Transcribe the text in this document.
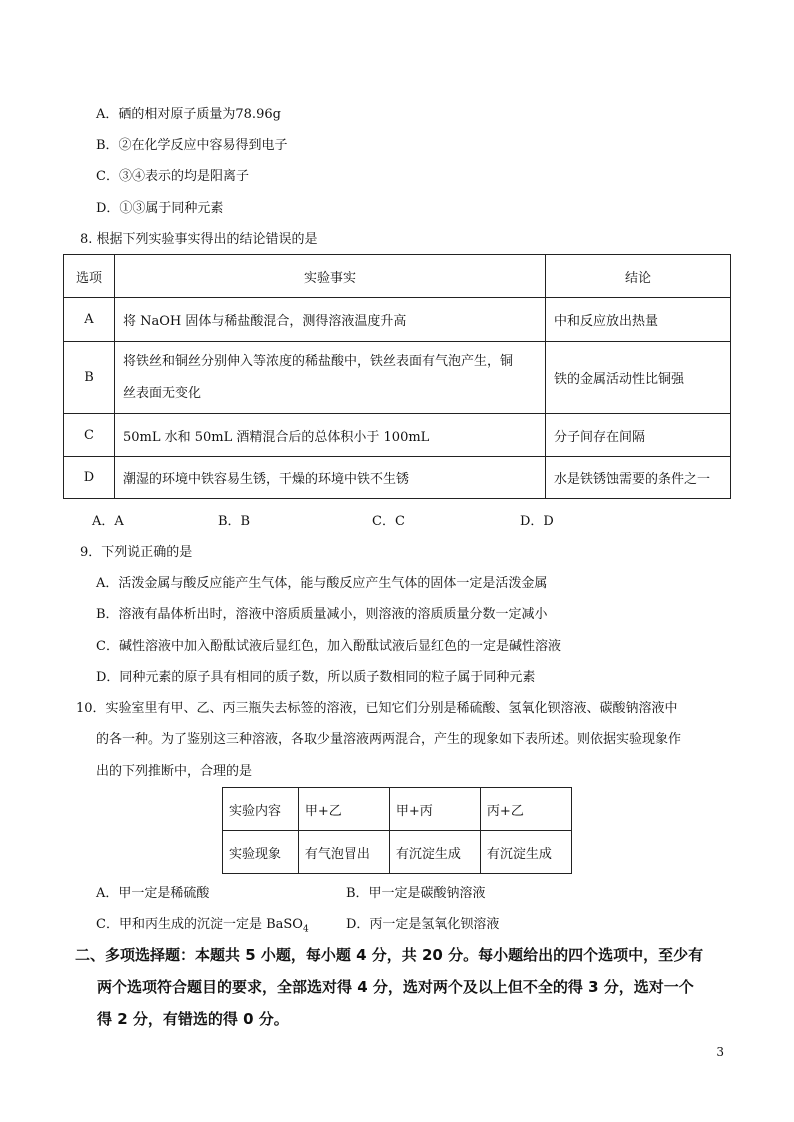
A．硒的相对原子质量为78.96g
B．②在化学反应中容易得到电子
C．③④表示的均是阳离子
D．①③属于同种元素
8. 根据下列实验事实得出的结论错误的是
选项	实验事实	结论
A	将 NaOH 固体与稀盐酸混合，测得溶液温度升高	中和反应放出热量
B	将铁丝和铜丝分别伸入等浓度的稀盐酸中，铁丝表面有气泡产生，铜
丝表面无变化	铁的金属活动性比铜强
C	50mL 水和 50mL 酒精混合后的总体积小于 100mL	分子间存在间隔
D	潮湿的环境中铁容易生锈，干燥的环境中铁不生锈	水是铁锈蚀需要的条件之一
A．A	B．B	C．C	D．D
9．下列说正确的是
A．活泼金属与酸反应能产生气体，能与酸反应产生气体的固体一定是活泼金属
B．溶液有晶体析出时，溶液中溶质质量减小，则溶液的溶质质量分数一定减小
C．碱性溶液中加入酚酞试液后显红色，加入酚酞试液后显红色的一定是碱性溶液
D．同种元素的原子具有相同的质子数，所以质子数相同的粒子属于同种元素
10．实验室里有甲、乙、丙三瓶失去标签的溶液，已知它们分别是稀硫酸、氢氧化钡溶液、碳酸钠溶液中
的各一种。为了鉴别这三种溶液，各取少量溶液两两混合，产生的现象如下表所述。则依据实验现象作
出的下列推断中，合理的是
实验内容	甲+乙	甲+丙	丙+乙
实验现象	有气泡冒出	有沉淀生成	有沉淀生成
A．甲一定是稀硫酸	B．甲一定是碳酸钠溶液
C．甲和丙生成的沉淀一定是 BaSO$_4$	D．丙一定是氢氧化钡溶液
二、多项选择题：本题共 5 小题，每小题 4 分，共 20 分。每小题给出的四个选项中，至少有
两个选项符合题目的要求，全部选对得 4 分，选对两个及以上但不全的得 3 分，选对一个
得 2 分，有错选的得 0 分。
3
